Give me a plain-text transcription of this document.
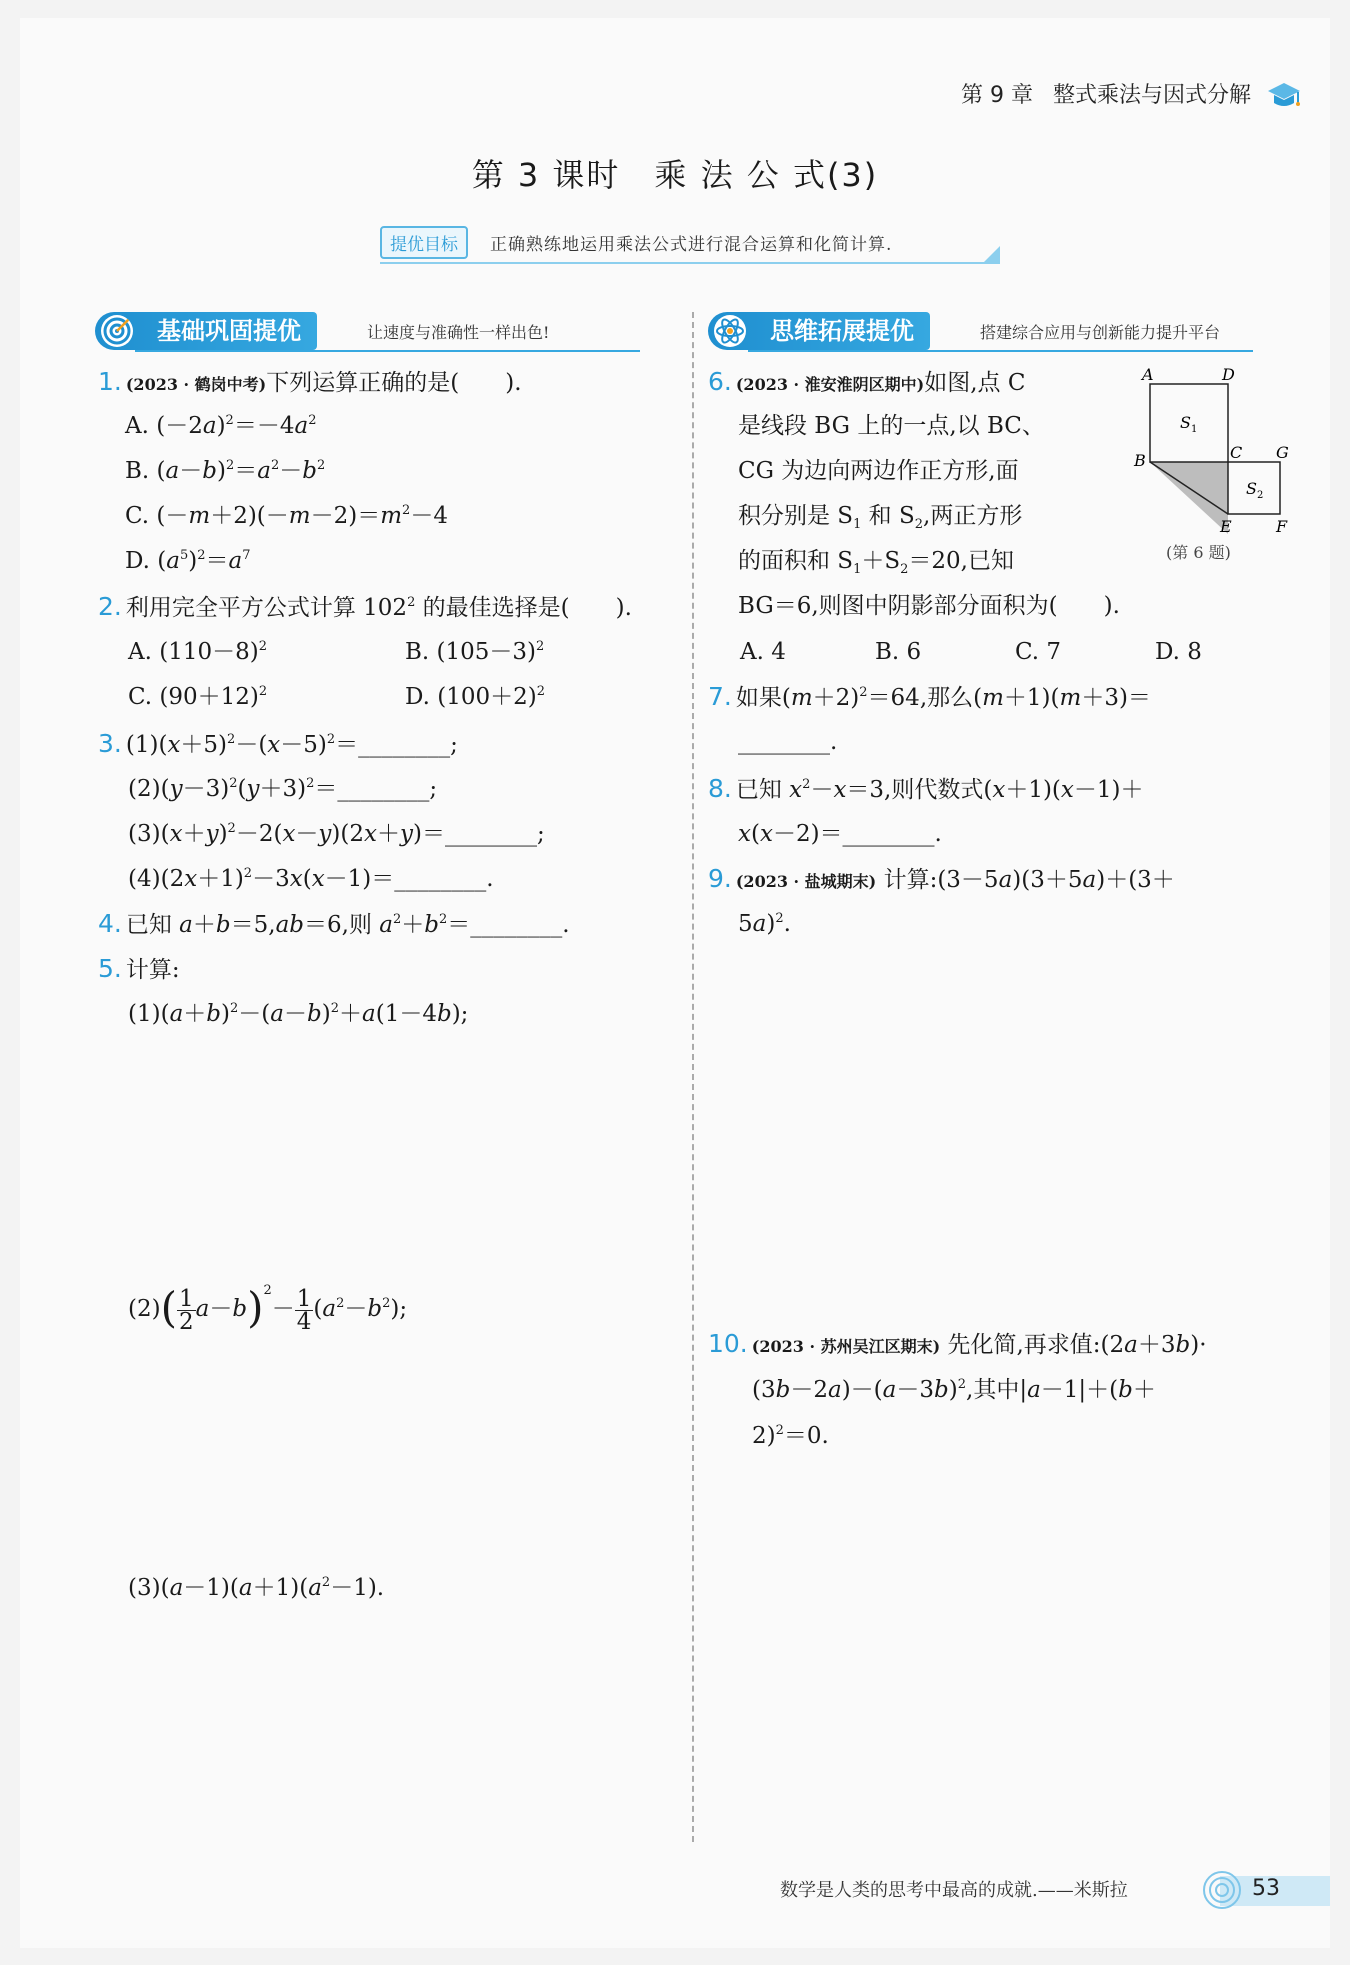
第 9 章 整式乘法与因式分解
第 3 课时　乘 法 公 式(3)
提优目标	正确熟练地运用乘法公式进行混合运算和化简计算.
基础巩固提优	让速度与准确性一样出色!	思维拓展提优	搭建综合应用与创新能力提升平台
1. (2023 · 鹤岗中考)下列运算正确的是(　　).
A. $(-2a)^2=-4a^2$
B. $(a-b)^2=a^2-b^2$
C. $(-m+2)(-m-2)=m^2-4$
D. $(a^5)^2=a^7$
2. 利用完全平方公式计算 $102^2$ 的最佳选择是(　　).
A. $(110-8)^2$	B. $(105-3)^2$
C. $(90+12)^2$	D. $(100+2)^2$
3. $(1)(x+5)^2-(x-5)^2=\_\_\_\_\_\_\_\_$;
$(2)(y-3)^2(y+3)^2=\_\_\_\_\_\_\_\_$;
$(3)(x+y)^2-2(x-y)(2x+y)=\_\_\_\_\_\_\_\_$;
$(4)(2x+1)^2-3x(x-1)=\_\_\_\_\_\_\_\_$.
4. 已知 a＋b＝5,ab＝6,则 $a^2+b^2=\_\_\_\_\_\_\_\_$.
5. 计算:
$(1)(a+b)^2-(a-b)^2+a(1-4b)$;
$(2)( \frac{1}{2} a-b)^2- \frac{1}{4} (a^2-b^2)$;
$(3)(a-1)(a+1)(a^2-1)$.
6. (2023 · 淮安淮阴区期中)如图,点 C
是线段 BG 上的一点,以 BC、
CG 为边向两边作正方形,面
积分别是 $S_1$ 和 $S_2$,两正方形
的面积和 $S_1+S_2=20$,已知
BG＝6,则图中阴影部分面积为(　　).
A. 4	B. 6	C. 7	D. 8
A	D
B	C G
E	F
$S_1$
$S_2$
(第 6 题)
7. 如果$(m+2)^2=64$,那么(m＋1)(m＋3)＝
________.
8. 已知 $x^2-x=3$,则代数式(x＋1)(x－1)＋
x(x－2)＝________.
9. (2023 · 盐城期末) 计算:(3－5a)(3＋5a)＋(3＋
5a)$^2$.
10. (2023 · 苏州吴江区期末) 先化简,再求值:(2a＋3b)·
$(3b-2a)-(a-3b)^2$,其中|a－1|＋(b＋
2)$^2$＝0.
数学是人类的思考中最高的成就.——米斯拉	53
